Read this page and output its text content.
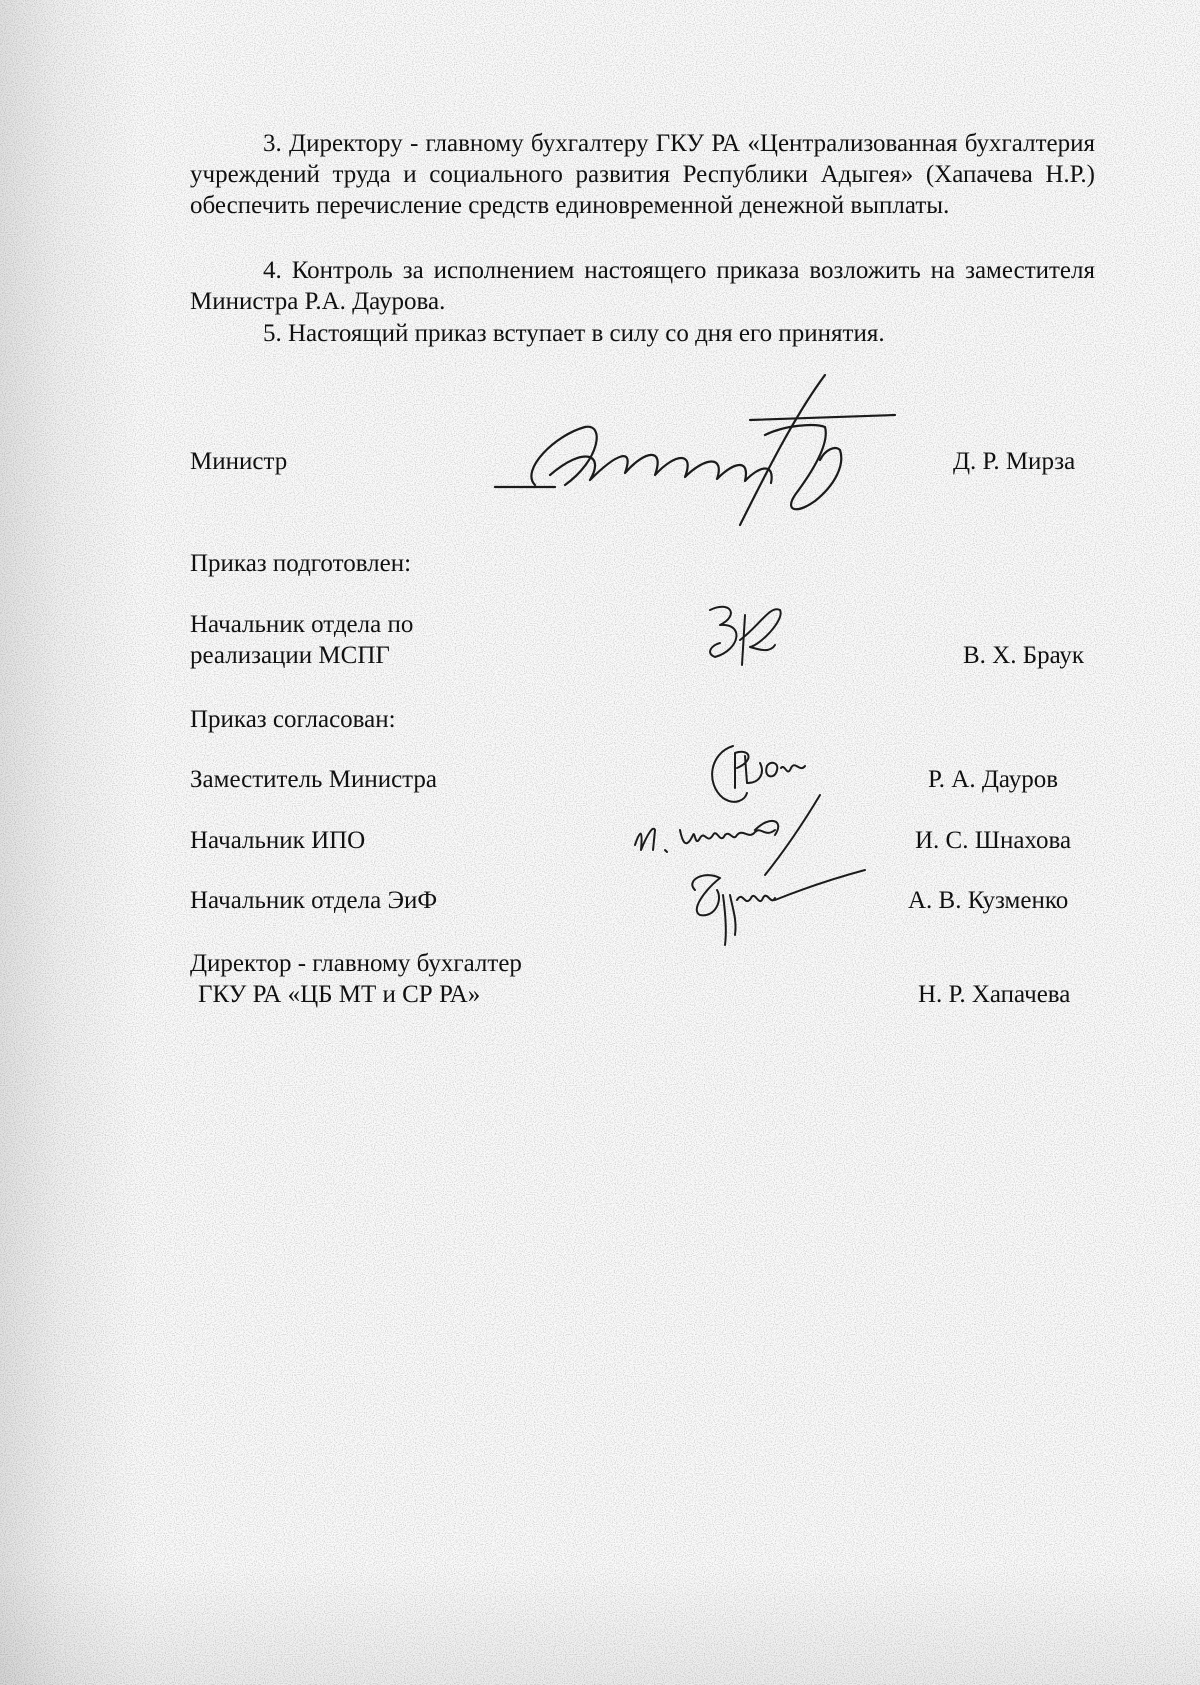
3. Директору - главному бухгалтеру ГКУ РА «Централизованная бухгалтерия учреждений труда и социального развития Республики Адыгея» (Хапачева Н.Р.) обеспечить перечисление средств единовременной денежной выплаты.

4. Контроль за исполнением настоящего приказа возложить на заместителя Министра Р.А. Даурова.

5. Настоящий приказ вступает в силу со дня его принятия.

Министр	Д. Р. Мирза

Приказ подготовлен:

Начальник отдела по

реализации МСПГ	В. Х. Браук

Приказ согласован:

Заместитель Министра	Р. А. Дауров

Начальник ИПО	И. С. Шнахова

Начальник отдела ЭиФ	А. В. Кузменко

Директор - главному бухгалтер

ГКУ РА «ЦБ МТ и СР РА»	Н. Р. Хапачева
